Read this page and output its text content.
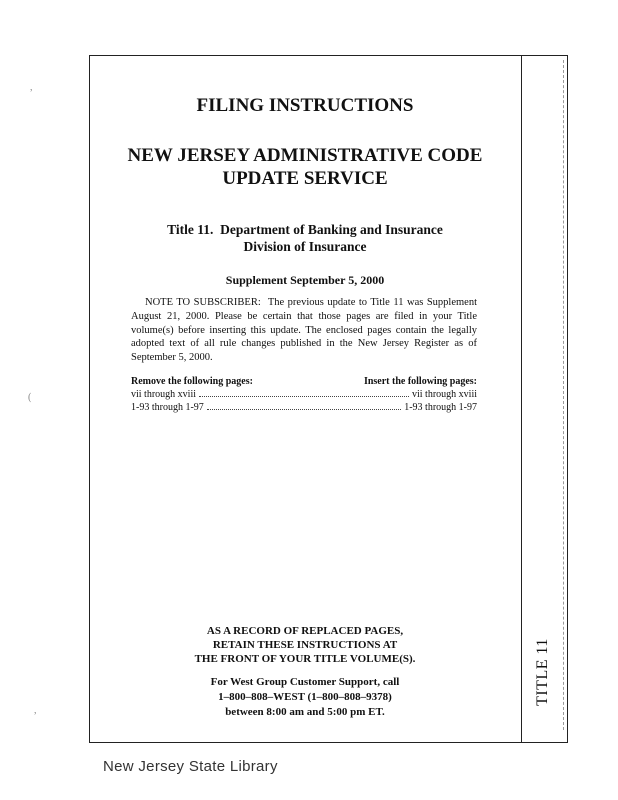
,
(
,
FILING INSTRUCTIONS
NEW JERSEY ADMINISTRATIVE CODE
UPDATE SERVICE
Title 11.  Department of Banking and Insurance
Division of Insurance
Supplement September 5, 2000

NOTE TO SUBSCRIBER: The previous update to Title 11 was Supplement August 21, 2000. Please be certain that those pages are filed in your Title volume(s) before inserting this update. The enclosed pages contain the legally adopted text of all rule changes published in the New Jersey Register as of September 5, 2000.

Remove the following pages:	Insert the following pages:
vii through xviii	vii through xviii
1-93 through 1-97	1-93 through 1-97
AS A RECORD OF REPLACED PAGES,
RETAIN THESE INSTRUCTIONS AT
THE FRONT OF YOUR TITLE VOLUME(S).
For West Group Customer Support, call
1–800–808–WEST (1–800–808–9378)
between 8:00 am and 5:00 pm ET.
TITLE 11
New Jersey State Library
